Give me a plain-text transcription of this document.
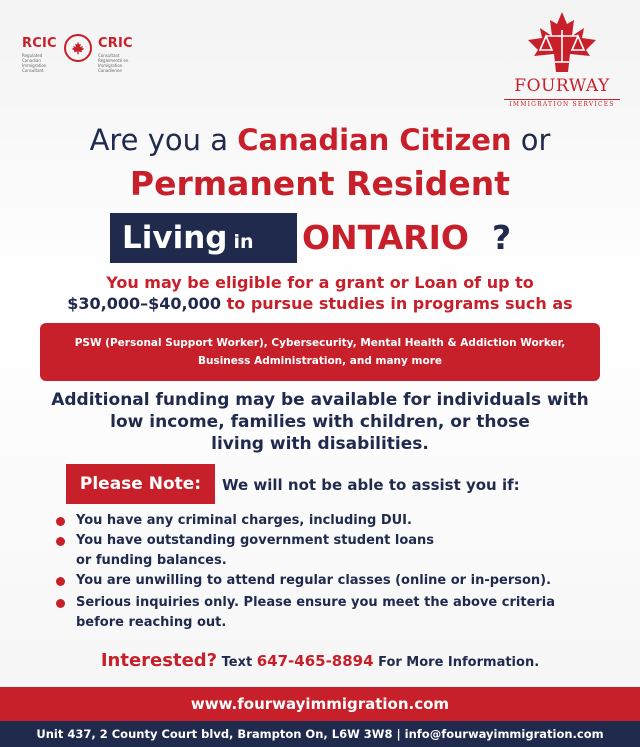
RCIC	CRIC
Regulated Canadian Immigration Consultant
Consultant Réglementé en Immigration Canadienne
FOURWAY
IMMIGRATION SERVICES
Are you a Canadian Citizen or
Permanent Resident
Living in	ONTARIO ?
You may be eligible for a grant or Loan of up to
$30,000–$40,000 to pursue studies in programs such as
PSW (Personal Support Worker), Cybersecurity, Mental Health & Addiction Worker,
Business Administration, and many more
Additional funding may be available for individuals with
low income, families with children, or those
living with disabilities.
Please Note:	We will not be able to assist you if:
You have any criminal charges, including DUI.
You have outstanding government student loans
or funding balances.
You are unwilling to attend regular classes (online or in-person).
Serious inquiries only. Please ensure you meet the above criteria
before reaching out.
Interested? Text 647-465-8894 For More Information.
www.fourwayimmigration.com
Unit 437, 2 County Court blvd, Brampton On, L6W 3W8 | info@fourwayimmigration.com
